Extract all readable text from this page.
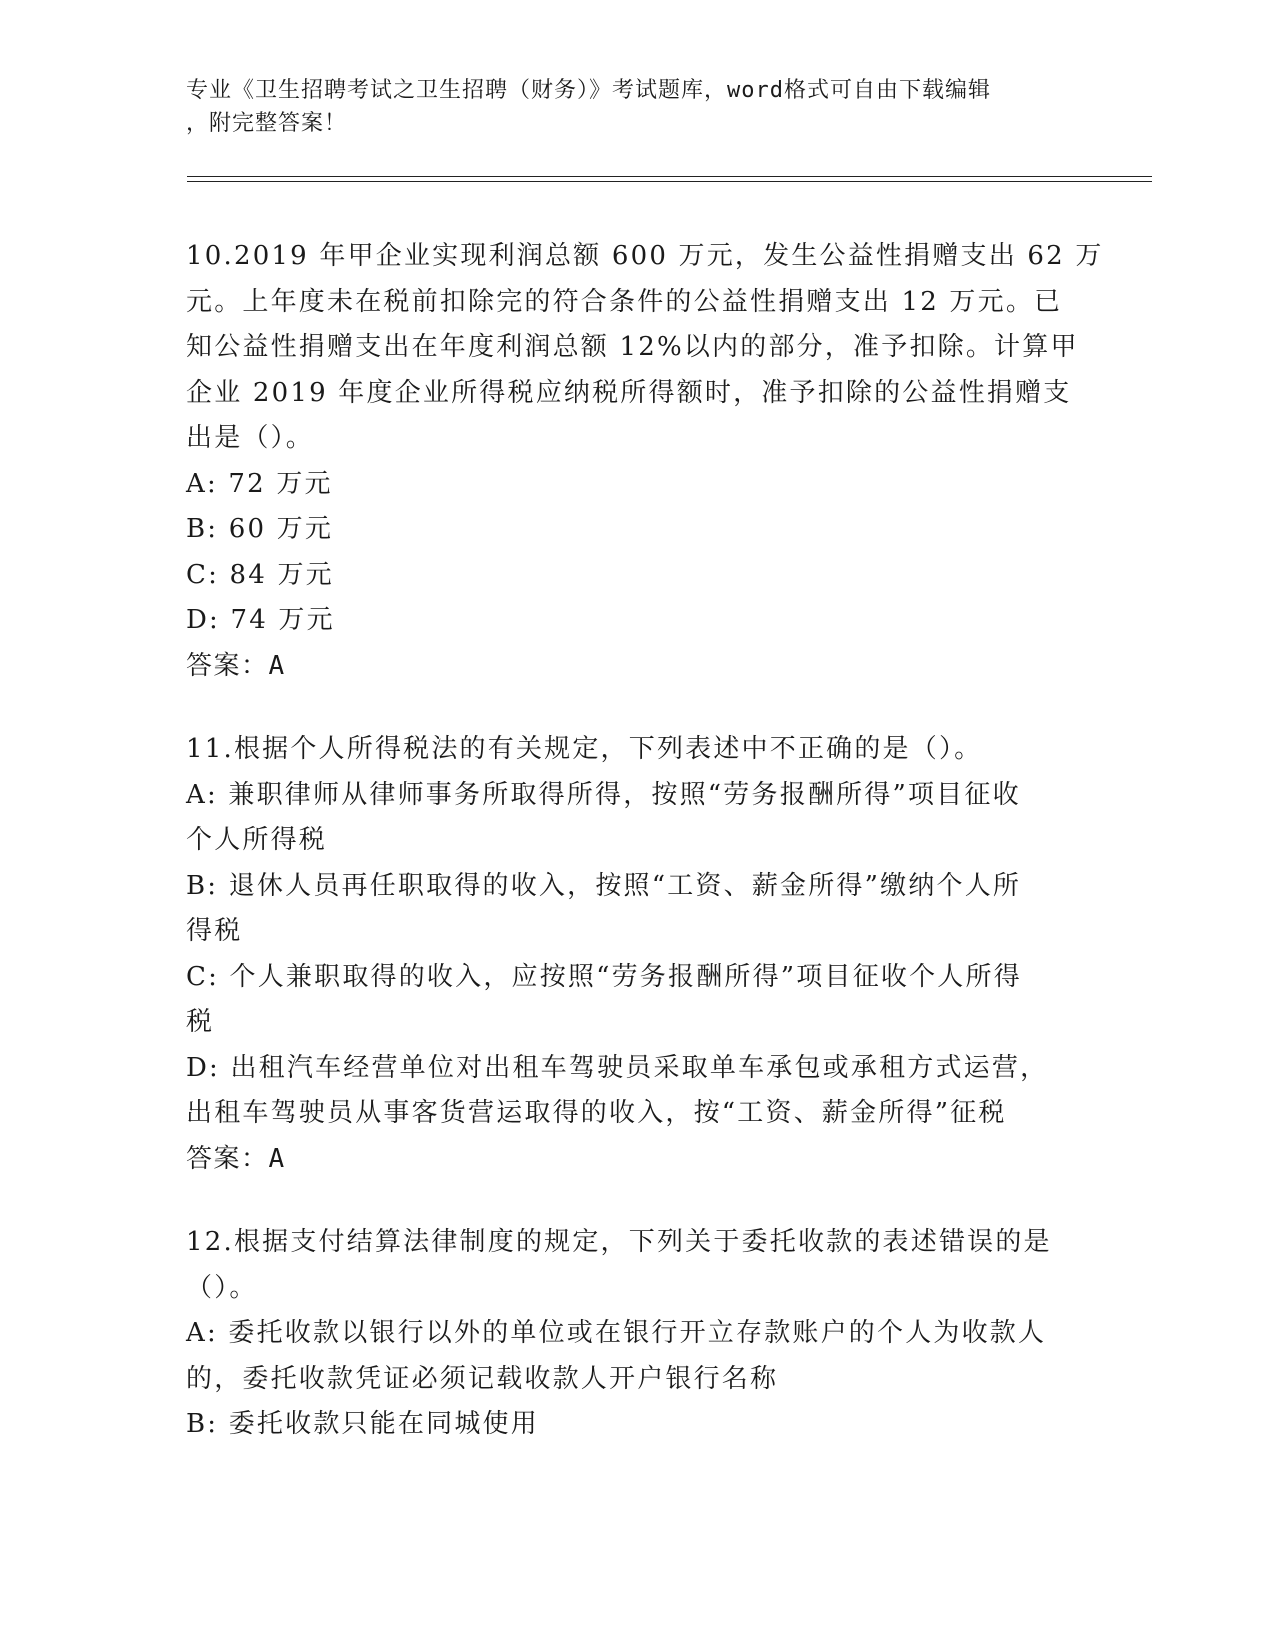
专业《卫生招聘考试之卫生招聘（财务）》考试题库，word格式可自由下载编辑
，附完整答案！
10.2019 年甲企业实现利润总额 600 万元，发生公益性捐赠支出 62 万
元。上年度未在税前扣除完的符合条件的公益性捐赠支出 12 万元。已
知公益性捐赠支出在年度利润总额 12%以内的部分，准予扣除。计算甲
企业 2019 年度企业所得税应纳税所得额时，准予扣除的公益性捐赠支
出是（）。
A: 72 万元
B: 60 万元
C: 84 万元
D: 74 万元
答案：A
11.根据个人所得税法的有关规定，下列表述中不正确的是（）。
A: 兼职律师从律师事务所取得所得，按照“劳务报酬所得”项目征收
个人所得税
B: 退休人员再任职取得的收入，按照“工资、薪金所得”缴纳个人所
得税
C: 个人兼职取得的收入，应按照“劳务报酬所得”项目征收个人所得
税
D: 出租汽车经营单位对出租车驾驶员采取单车承包或承租方式运营，
出租车驾驶员从事客货营运取得的收入，按“工资、薪金所得”征税
答案：A
12.根据支付结算法律制度的规定，下列关于委托收款的表述错误的是
（）。
A: 委托收款以银行以外的单位或在银行开立存款账户的个人为收款人
的，委托收款凭证必须记载收款人开户银行名称
B: 委托收款只能在同城使用
